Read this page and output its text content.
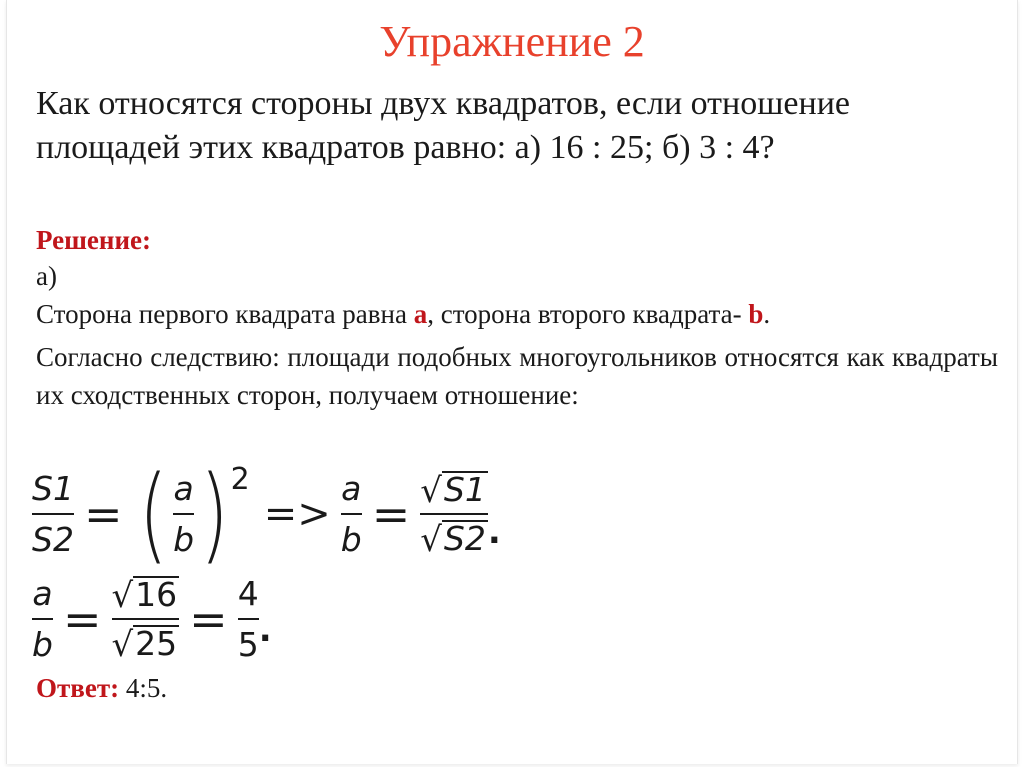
Упражнение 2
Как относятся стороны двух квадратов, если отношение
площадей этих квадратов равно: а) 16 : 25; б) 3 : 4?
Решение:
а)
Сторона первого квадрата равна a, сторона второго квадрата- b.
Согласно следствию: площади подобных многоугольников относятся как квадраты их сходственных сторон, получаем отношение:
$\frac{S1}{S2}$ = ( $\frac{a}{b}$ ) 2
=> $\frac{a}{b} = \frac{√ S1}{√ S2}$ .
$\frac{a}{b} = \frac{√ 16}{√ 25} = \frac{4}{5}$ .
Ответ: 4:5.
